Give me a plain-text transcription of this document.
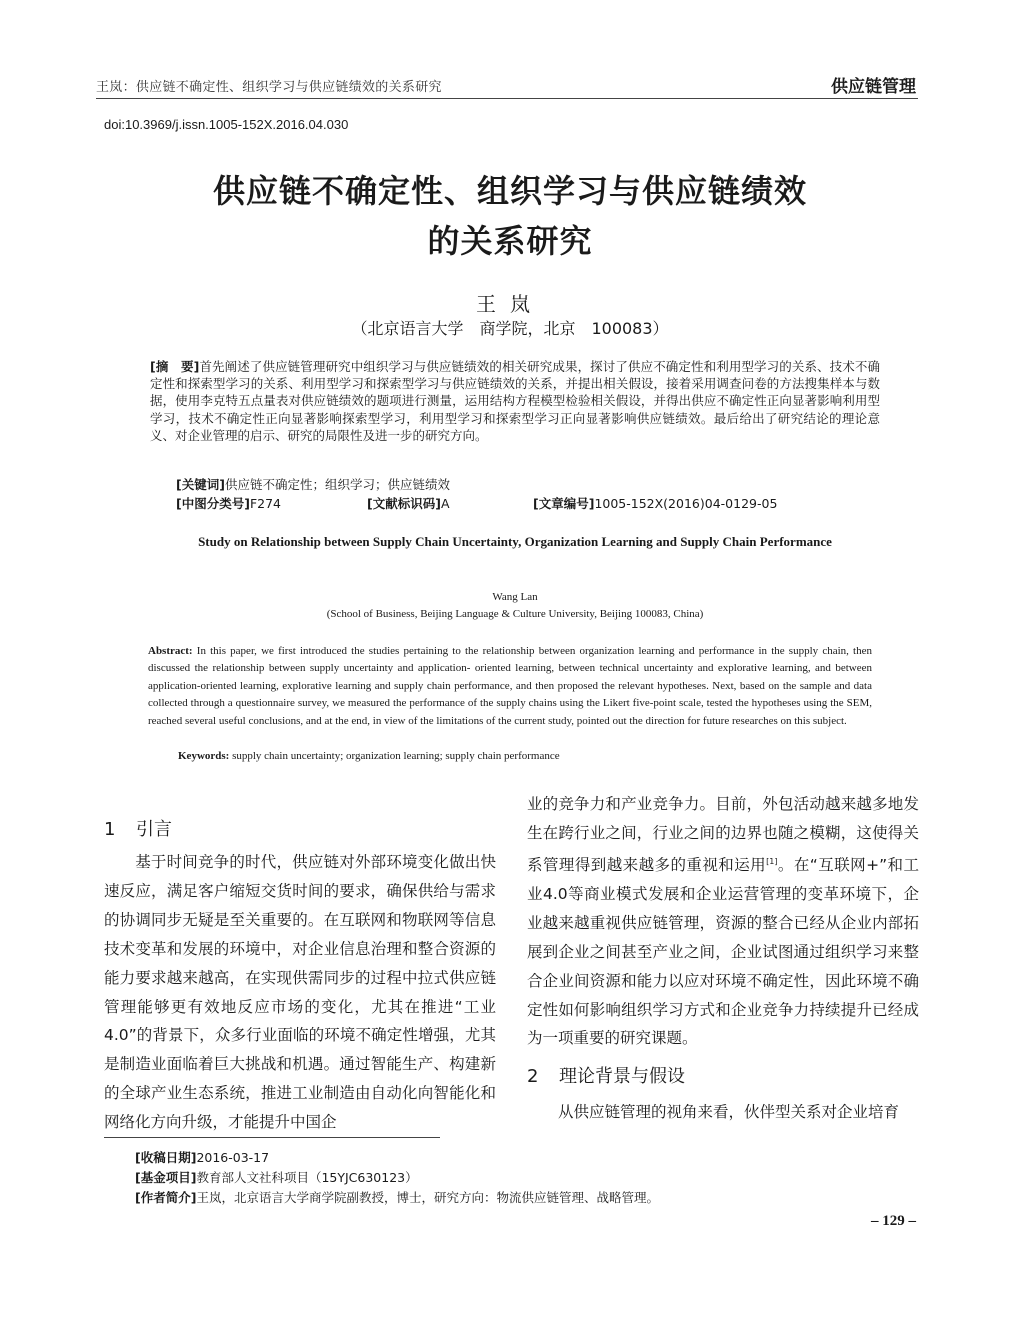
王岚：供应链不确定性、组织学习与供应链绩效的关系研究	供应链管理
doi:10.3969/j.issn.1005-152X.2016.04.030
供应链不确定性、组织学习与供应链绩效
的关系研究
王岚
（北京语言大学　商学院，北京　100083）
[摘　要]首先阐述了供应链管理研究中组织学习与供应链绩效的相关研究成果，探讨了供应不确定性和利用型学习的关系、技术不确定性和探索型学习的关系、利用型学习和探索型学习与供应链绩效的关系，并提出相关假设，接着采用调查问卷的方法搜集样本与数据，使用李克特五点量表对供应链绩效的题项进行测量，运用结构方程模型检验相关假设，并得出供应不确定性正向显著影响利用型学习，技术不确定性正向显著影响探索型学习，利用型学习和探索型学习正向显著影响供应链绩效。最后给出了研究结论的理论意义、对企业管理的启示、研究的局限性及进一步的研究方向。
[关键词]供应链不确定性；组织学习；供应链绩效
[中图分类号]F274	[文献标识码]A	[文章编号]1005-152X(2016)04-0129-05
Study on Relationship between Supply Chain Uncertainty, Organization Learning and Supply Chain Performance
Wang Lan
(School of Business, Beijing Language & Culture University, Beijing 100083, China)
Abstract: In this paper, we first introduced the studies pertaining to the relationship between organization learning and performance in the supply chain, then discussed the relationship between supply uncertainty and application- oriented learning, between technical uncertainty and explorative learning, and between application-oriented learning, explorative learning and supply chain performance, and then proposed the relevant hypotheses. Next, based on the sample and data collected through a questionnaire survey, we measured the performance of the supply chains using the Likert five-point scale, tested the hypotheses using the SEM, reached several useful conclusions, and at the end, in view of the limitations of the current study, pointed out the direction for future researches on this subject.
Keywords: supply chain uncertainty; organization learning; supply chain performance
1 引言
基于时间竞争的时代，供应链对外部环境变化做出快速反应，满足客户缩短交货时间的要求，确保供给与需求的协调同步无疑是至关重要的。在互联网和物联网等信息技术变革和发展的环境中，对企业信息治理和整合资源的能力要求越来越高，在实现供需同步的过程中拉式供应链管理能够更有效地反应市场的变化，尤其在推进“工业4.0”的背景下，众多行业面临的环境不确定性增强，尤其是制造业面临着巨大挑战和机遇。通过智能生产、构建新的全球产业生态系统，推进工业制造由自动化向智能化和网络化方向升级，才能提升中国企
业的竞争力和产业竞争力。目前，外包活动越来越多地发生在跨行业之间，行业之间的边界也随之模糊，这使得关系管理得到越来越多的重视和运用[1]。在“互联网+”和工业4.0等商业模式发展和企业运营管理的变革环境下，企业越来越重视供应链管理，资源的整合已经从企业内部拓展到企业之间甚至产业之间，企业试图通过组织学习来整合企业间资源和能力以应对环境不确定性，因此环境不确定性如何影响组织学习方式和企业竞争力持续提升已经成为一项重要的研究课题。
2 理论背景与假设
从供应链管理的视角来看，伙伴型关系对企业培育
[收稿日期]2016-03-17
[基金项目]教育部人文社科项目（15YJC630123）
[作者简介]王岚，北京语言大学商学院副教授，博士，研究方向：物流供应链管理、战略管理。
– 129 –
